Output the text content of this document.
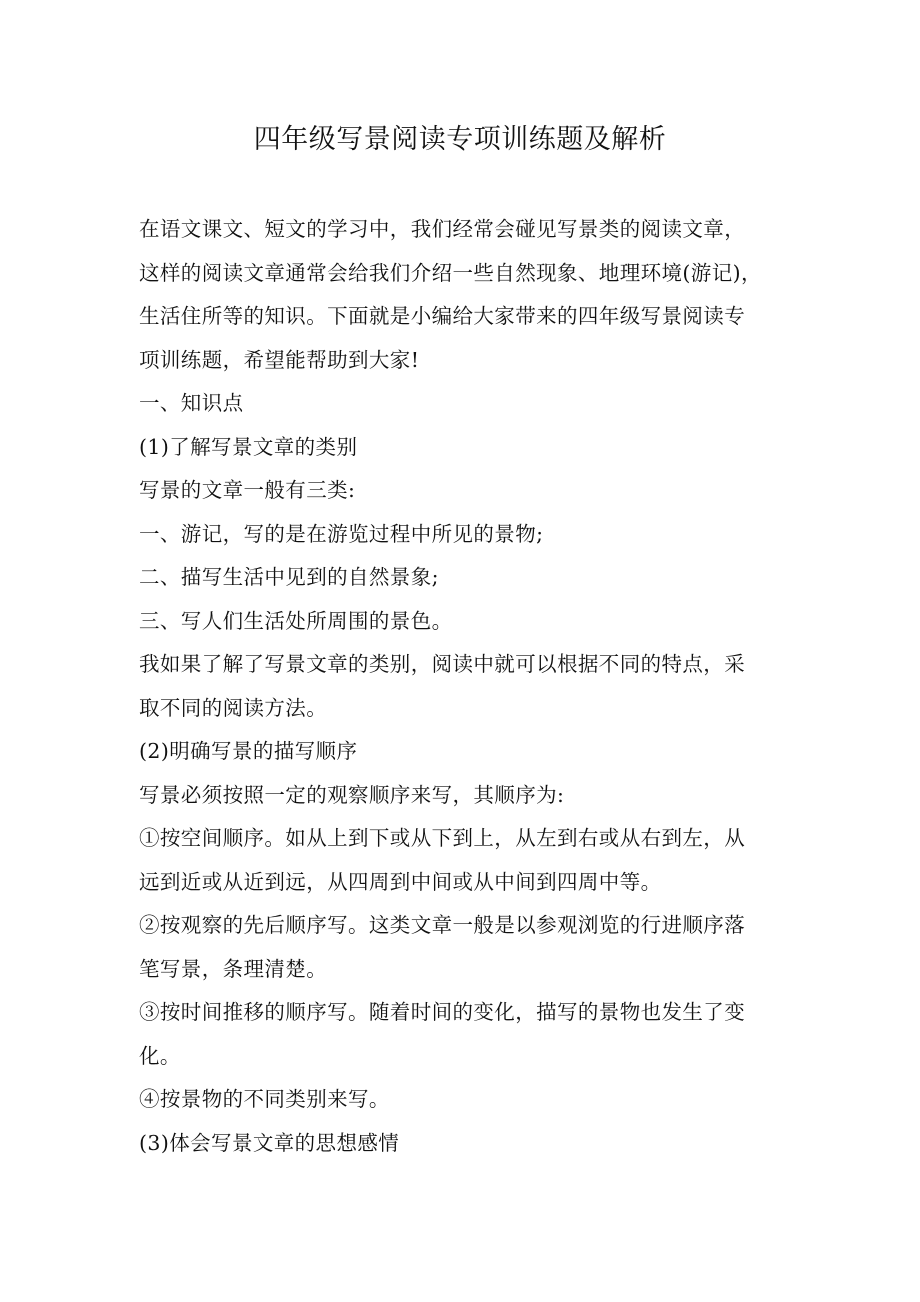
四年级写景阅读专项训练题及解析

在语文课文、短文的学习中，我们经常会碰见写景类的阅读文章，

这样的阅读文章通常会给我们介绍一些自然现象、地理环境(游记)，

生活住所等的知识。下面就是小编给大家带来的四年级写景阅读专

项训练题，希望能帮助到大家!

一、知识点

(1)了解写景文章的类别

写景的文章一般有三类:

一、游记，写的是在游览过程中所见的景物;

二、描写生活中见到的自然景象;

三、写人们生活处所周围的景色。

我如果了解了写景文章的类别，阅读中就可以根据不同的特点，采

取不同的阅读方法。

(2)明确写景的描写顺序

写景必须按照一定的观察顺序来写，其顺序为:

①按空间顺序。如从上到下或从下到上，从左到右或从右到左，从

远到近或从近到远，从四周到中间或从中间到四周中等。

②按观察的先后顺序写。这类文章一般是以参观浏览的行进顺序落

笔写景，条理清楚。

③按时间推移的顺序写。随着时间的变化，描写的景物也发生了变

化。

④按景物的不同类别来写。

(3)体会写景文章的思想感情
